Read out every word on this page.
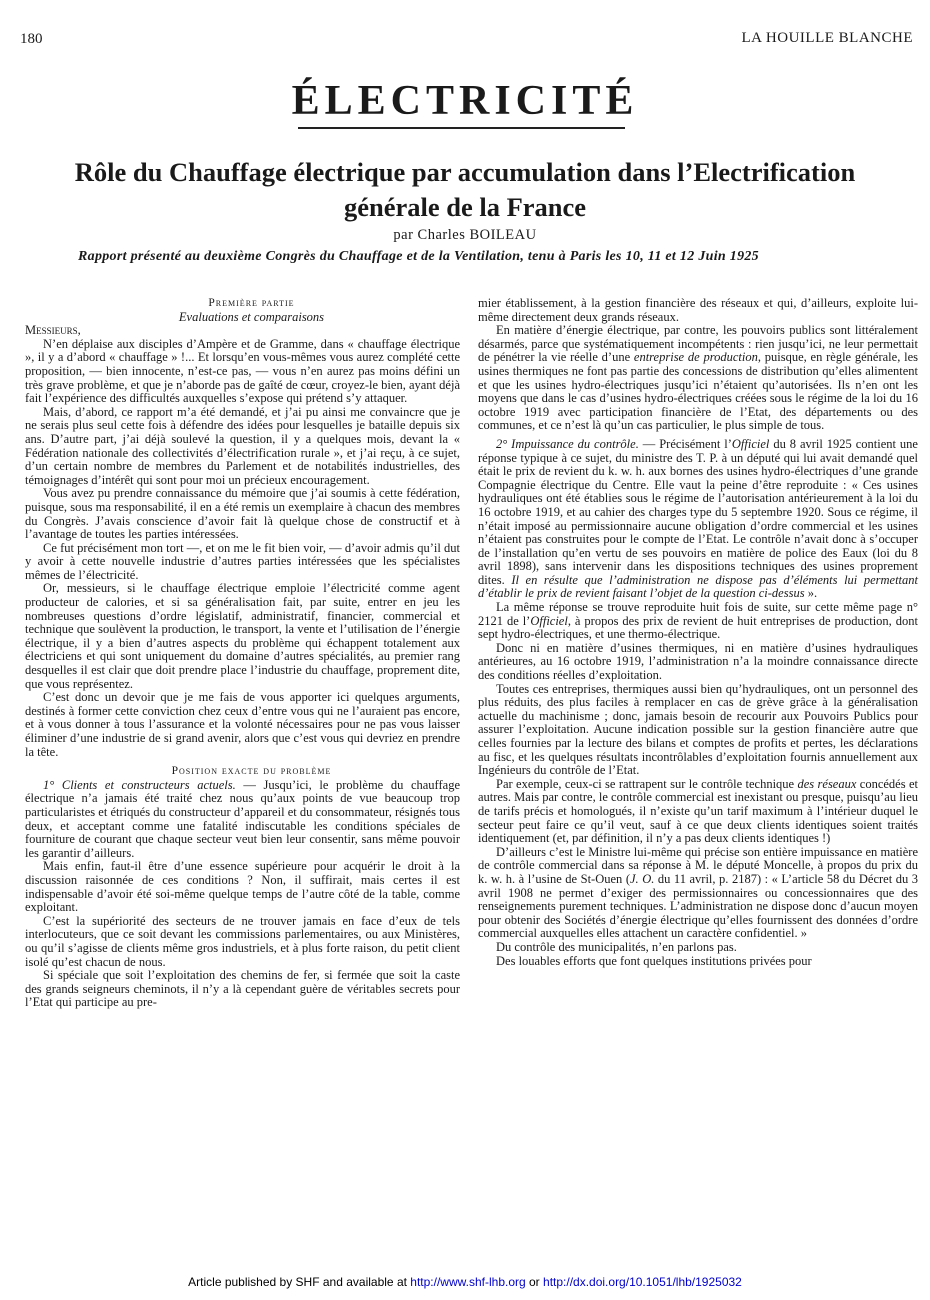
180	LA HOUILLE BLANCHE
ÉLECTRICITÉ
Rôle du Chauffage électrique par accumulation dans l’Electrification
générale de la France
par Charles BOILEAU
Rapport présenté au deuxième Congrès du Chauffage et de la Ventilation, tenu à Paris les 10, 11 et 12 Juin 1925

Première partie

Evaluations et comparaisons

Messieurs,

N’en déplaise aux disciples d’Ampère et de Gramme, dans « chauffage électrique », il y a d’abord « chauffage » !... Et lorsqu’en vous-mêmes vous aurez complété cette proposition, — bien innocente, n’est-ce pas, — vous n’en aurez pas moins défini un très grave problème, et que je n’aborde pas de gaîté de cœur, croyez-le bien, ayant déjà fait l’expérience des difficultés auxquelles s’expose qui prétend s’y attaquer.

Mais, d’abord, ce rapport m’a été demandé, et j’ai pu ainsi me convaincre que je ne serais plus seul cette fois à défendre des idées pour lesquelles je bataille depuis six ans. D’autre part, j’ai déjà soulevé la question, il y a quelques mois, devant la « Fédération nationale des collectivités d’électrification rurale », et j’ai reçu, à ce sujet, d’un certain nombre de membres du Parlement et de notabilités industrielles, des témoignages d’intérêt qui sont pour moi un précieux encouragement.

Vous avez pu prendre connaissance du mémoire que j’ai soumis à cette fédération, puisque, sous ma responsabilité, il en a été remis un exemplaire à chacun des membres du Congrès. J’avais conscience d’avoir fait là quelque chose de constructif et à l’avantage de toutes les parties intéressées.

Ce fut précisément mon tort —, et on me le fit bien voir, — d’avoir admis qu’il dut y avoir à cette nouvelle industrie d’autres parties intéressées que les spécialistes mêmes de l’électricité.

Or, messieurs, si le chauffage électrique emploie l’électricité comme agent producteur de calories, et si sa généralisation fait, par suite, entrer en jeu les nombreuses questions d’ordre législatif, administratif, financier, commercial et technique que soulèvent la production, le transport, la vente et l’utilisation de l’énergie électrique, il y a bien d’autres aspects du problème qui échappent totalement aux électriciens et qui sont uniquement du domaine d’autres spécialités, au premier rang desquelles il est clair que doit prendre place l’industrie du chauffage, proprement dite, que vous représentez.

C’est donc un devoir que je me fais de vous apporter ici quelques arguments, destinés à former cette conviction chez ceux d’entre vous qui ne l’auraient pas encore, et à vous donner à tous l’assurance et la volonté nécessaires pour ne pas vous laisser éliminer d’une industrie de si grand avenir, alors que c’est vous qui devriez en prendre la tête.

Position exacte du problème

1° Clients et constructeurs actuels. — Jusqu’ici, le problème du chauffage électrique n’a jamais été traité chez nous qu’aux points de vue beaucoup trop particularistes et étriqués du constructeur d’appareil et du consommateur, résignés tous deux, et acceptant comme une fatalité indiscutable les conditions spéciales de fourniture de courant que chaque secteur veut bien leur consentir, sans même pouvoir les garantir d’ailleurs.

Mais enfin, faut-il être d’une essence supérieure pour acquérir le droit à la discussion raisonnée de ces conditions ? Non, il suffirait, mais certes il est indispensable d’avoir été soi-même quelque temps de l’autre côté de la table, comme exploitant.

C’est la supériorité des secteurs de ne trouver jamais en face d’eux de tels interlocuteurs, que ce soit devant les commissions parlementaires, ou aux Ministères, ou qu’il s’agisse de clients même gros industriels, et à plus forte raison, du petit client isolé qu’est chacun de nous.

Si spéciale que soit l’exploitation des chemins de fer, si fermée que soit la caste des grands seigneurs cheminots, il n’y a là cependant guère de véritables secrets pour l’Etat qui participe au pre-

mier établissement, à la gestion financière des réseaux et qui, d’ailleurs, exploite lui-même directement deux grands réseaux.

En matière d’énergie électrique, par contre, les pouvoirs publics sont littéralement désarmés, parce que systématiquement incompétents : rien jusqu’ici, ne leur permettait de pénétrer la vie réelle d’une entreprise de production, puisque, en règle générale, les usines thermiques ne font pas partie des concessions de distribution qu’elles alimentent et que les usines hydro-électriques jusqu’ici n’étaient qu’autorisées. Ils n’en ont les moyens que dans le cas d’usines hydro-électriques créées sous le régime de la loi du 16 octobre 1919 avec participation financière de l’Etat, des départements ou des communes, et ce n’est là qu’un cas particulier, le plus simple de tous.

2° Impuissance du contrôle. — Précisément l’Officiel du 8 avril 1925 contient une réponse typique à ce sujet, du ministre des T. P. à un député qui lui avait demandé quel était le prix de revient du k. w. h. aux bornes des usines hydro-électriques d’une grande Compagnie électrique du Centre. Elle vaut la peine d’être reproduite : « Ces usines hydrauliques ont été établies sous le régime de l’autorisation antérieurement à la loi du 16 octobre 1919, et au cahier des charges type du 5 septembre 1920. Sous ce régime, il n’était imposé au permissionnaire aucune obligation d’ordre commercial et les usines n’étaient pas construites pour le compte de l’Etat. Le contrôle n’avait donc à s’occuper de l’installation qu’en vertu de ses pouvoirs en matière de police des Eaux (loi du 8 avril 1898), sans intervenir dans les dispositions techniques des usines proprement dites. Il en résulte que l’administration ne dispose pas d’éléments lui permettant d’établir le prix de revient faisant l’objet de la question ci-dessus ».

La même réponse se trouve reproduite huit fois de suite, sur cette même page n° 2121 de l’Officiel, à propos des prix de revient de huit entreprises de production, dont sept hydro-électriques, et une thermo-électrique.

Donc ni en matière d’usines thermiques, ni en matière d’usines hydrauliques antérieures, au 16 octobre 1919, l’administration n’a la moindre connaissance directe des conditions réelles d’exploitation.

Toutes ces entreprises, thermiques aussi bien qu’hydrauliques, ont un personnel des plus réduits, des plus faciles à remplacer en cas de grève grâce à la généralisation actuelle du machinisme ; donc, jamais besoin de recourir aux Pouvoirs Publics pour assurer l’exploitation. Aucune indication possible sur la gestion financière autre que celles fournies par la lecture des bilans et comptes de profits et pertes, les déclarations au fisc, et les quelques résultats incontrôlables d’exploitation fournis annuellement aux Ingénieurs du contrôle de l’Etat.

Par exemple, ceux-ci se rattrapent sur le contrôle technique des réseaux concédés et autres. Mais par contre, le contrôle commercial est inexistant ou presque, puisqu’au lieu de tarifs précis et homologués, il n’existe qu’un tarif maximum à l’intérieur duquel le secteur peut faire ce qu’il veut, sauf à ce que deux clients identiques soient traités identiquement (et, par définition, il n’y a pas deux clients identiques !)

D’ailleurs c’est le Ministre lui-même qui précise son entière impuissance en matière de contrôle commercial dans sa réponse à M. le député Moncelle, à propos du prix du k. w. h. à l’usine de St-Ouen (J. O. du 11 avril, p. 2187) : « L’article 58 du Décret du 3 avril 1908 ne permet d’exiger des permissionnaires ou concessionnaires que des renseignements purement techniques. L’administration ne dispose donc d’aucun moyen pour obtenir des Sociétés d’énergie électrique qu’elles fournissent des données d’ordre commercial auxquelles elles attachent un caractère confidentiel. »

Du contrôle des municipalités, n’en parlons pas.

Des louables efforts que font quelques institutions privées pour

Article published by SHF and available at http://www.shf-lhb.org or http://dx.doi.org/10.1051/lhb/1925032
